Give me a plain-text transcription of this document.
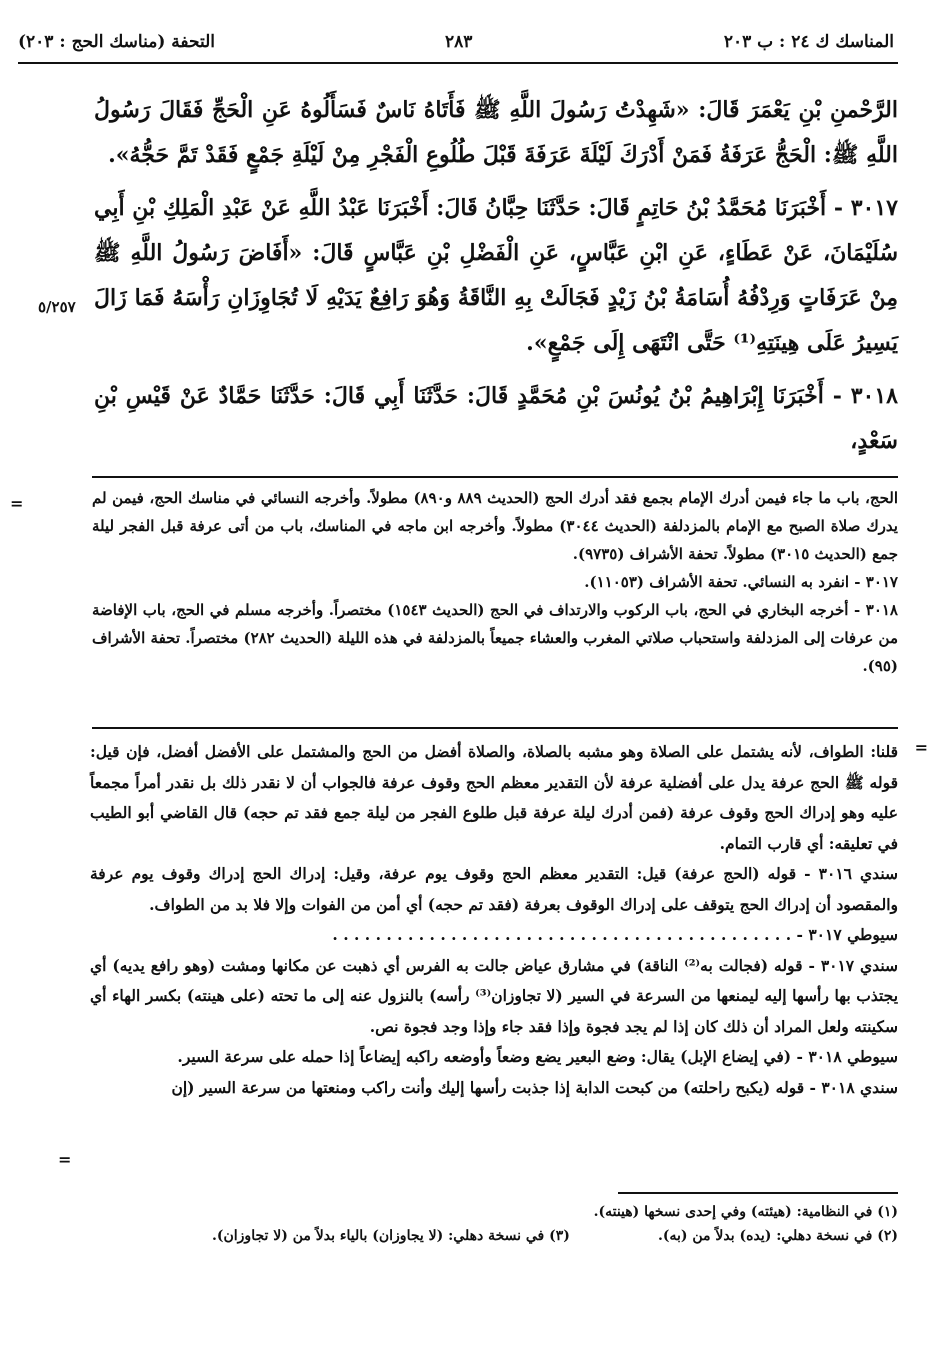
التحفة (مناسك الحج : ٢٠٣)	٢٨٣	المناسك ك ٢٤ : ب ٢٠٣

الرَّحْمنِ بْنِ يَعْمَرَ قَالَ: «شَهِدْتُ رَسُولَ اللَّهِ ﷺ فَأَتَاهُ نَاسٌ فَسَأَلُوهُ عَنِ الْحَجِّ فَقَالَ رَسُولُ اللَّهِ ﷺ: الْحَجُّ عَرَفَةُ فَمَنْ أَدْرَكَ لَيْلَةَ عَرَفَةَ قَبْلَ طُلُوعِ الْفَجْرِ مِنْ لَيْلَةِ جَمْعٍ فَقَدْ تَمَّ حَجُّهُ».

٣٠١٧ - أَخْبَرَنَا مُحَمَّدُ بْنُ حَاتِمٍ قَالَ: حَدَّثَنَا حِبَّانُ قَالَ: أَخْبَرَنَا عَبْدُ اللَّهِ عَنْ عَبْدِ الْمَلِكِ بْنِ أَبِي سُلَيْمَانَ، عَنْ عَطَاءٍ، عَنِ ابْنِ عَبَّاسٍ، عَنِ الْفَضْلِ بْنِ عَبَّاسٍ قَالَ: «أَفَاضَ رَسُولُ اللَّهِ ﷺ مِنْ عَرَفَاتٍ وَرِدْفُهُ أُسَامَةُ بْنُ زَيْدٍ فَجَالَتْ بِهِ النَّاقَةُ وَهُوَ رَافِعٌ يَدَيْهِ لَا تُجَاوِزَانِ رَأْسَهُ فَمَا زَالَ يَسِيرُ عَلَى هِينَتِهِ⁽¹⁾ حَتَّى انْتَهَى إِلَى جَمْعٍ».

٣٠١٨ - أَخْبَرَنَا إِبْرَاهِيمُ بْنُ يُونُسَ بْنِ مُحَمَّدٍ قَالَ: حَدَّثَنَا أَبِي قَالَ: حَدَّثَنَا حَمَّادٌ عَنْ قَيْسِ بْنِ سَعْدٍ،

٥/٢٥٧
=	الحج، باب ما جاء فيمن أدرك الإمام بجمع فقد أدرك الحج (الحديث ٨٨٩ و٨٩٠) مطولاً. وأخرجه النسائي في مناسك الحج، فيمن لم يدرك صلاة الصبح مع الإمام بالمزدلفة (الحديث ٣٠٤٤) مطولاً. وأخرجه ابن ماجه في المناسك، باب من أتى عرفة قبل الفجر ليلة جمع (الحديث ٣٠١٥) مطولاً. تحفة الأشراف (٩٧٣٥).

٣٠١٧ - انفرد به النسائي. تحفة الأشراف (١١٠٥٣).

٣٠١٨ - أخرجه البخاري في الحج، باب الركوب والارتداف في الحج (الحديث ١٥٤٣) مختصراً. وأخرجه مسلم في الحج، باب الإفاضة من عرفات إلى المزدلفة واستحباب صلاتي المغرب والعشاء جميعاً بالمزدلفة في هذه الليلة (الحديث ٢٨٢) مختصراً. تحفة الأشراف (٩٥).

=

قلنا: الطواف، لأنه يشتمل على الصلاة وهو مشبه بالصلاة، والصلاة أفضل من الحج والمشتمل على الأفضل أفضل، فإن قيل: قوله ﷺ الحج عرفة يدل على أفضلية عرفة لأن التقدير معظم الحج وقوف عرفة فالجواب أن لا نقدر ذلك بل نقدر أمراً مجمعاً عليه وهو إدراك الحج وقوف عرفة (فمن أدرك ليلة عرفة قبل طلوع الفجر من ليلة جمع فقد تم حجه) قال القاضي أبو الطيب في تعليقه: أي قارب التمام.

سندي ٣٠١٦ - قوله (الحج عرفة) قيل: التقدير معظم الحج وقوف يوم عرفة، وقيل: إدراك الحج إدراك وقوف يوم عرفة والمقصود أن إدراك الحج يتوقف على إدراك الوقوف بعرفة (فقد تم حجه) أي أمن من الفوات وإلا فلا بد من الطواف.

سيوطي ٣٠١٧ - . . . . . . . . . . . . . . . . . . . . . . . . . . . . . . . . . . . . . . . . . . .

سندي ٣٠١٧ - قوله (فجالت به⁽²⁾ الناقة) في مشارق عياض جالت به الفرس أي ذهبت عن مكانها ومشت (وهو رافع يديه) أي يجتذب بها رأسها إليه ليمنعها من السرعة في السير (لا تجاوزان⁽³⁾ رأسه) بالنزول عنه إلى ما تحته (على هينته) بكسر الهاء أي سكينته ولعل المراد أن ذلك كان إذا لم يجد فجوة وإذا فقد جاء وإذا وجد فجوة نص.

سيوطي ٣٠١٨ - (في إيضاع الإبل) يقال: وضع البعير يضع وضعاً وأوضعه راكبه إيضاعاً إذا حمله على سرعة السير.

سندي ٣٠١٨ - قوله (يكبح راحلته) من كبحت الدابة إذا جذبت رأسها إليك وأنت راكب ومنعتها من سرعة السير (إن

=

(١) في النظامية: (هيئته) وفي إحدى نسخها (هينته).

(٢) في نسخة دهلي: (يده) بدلاً من (به).
(٣) في نسخة دهلي: (لا يجاوزان) بالياء بدلاً من (لا تجاوزان).
